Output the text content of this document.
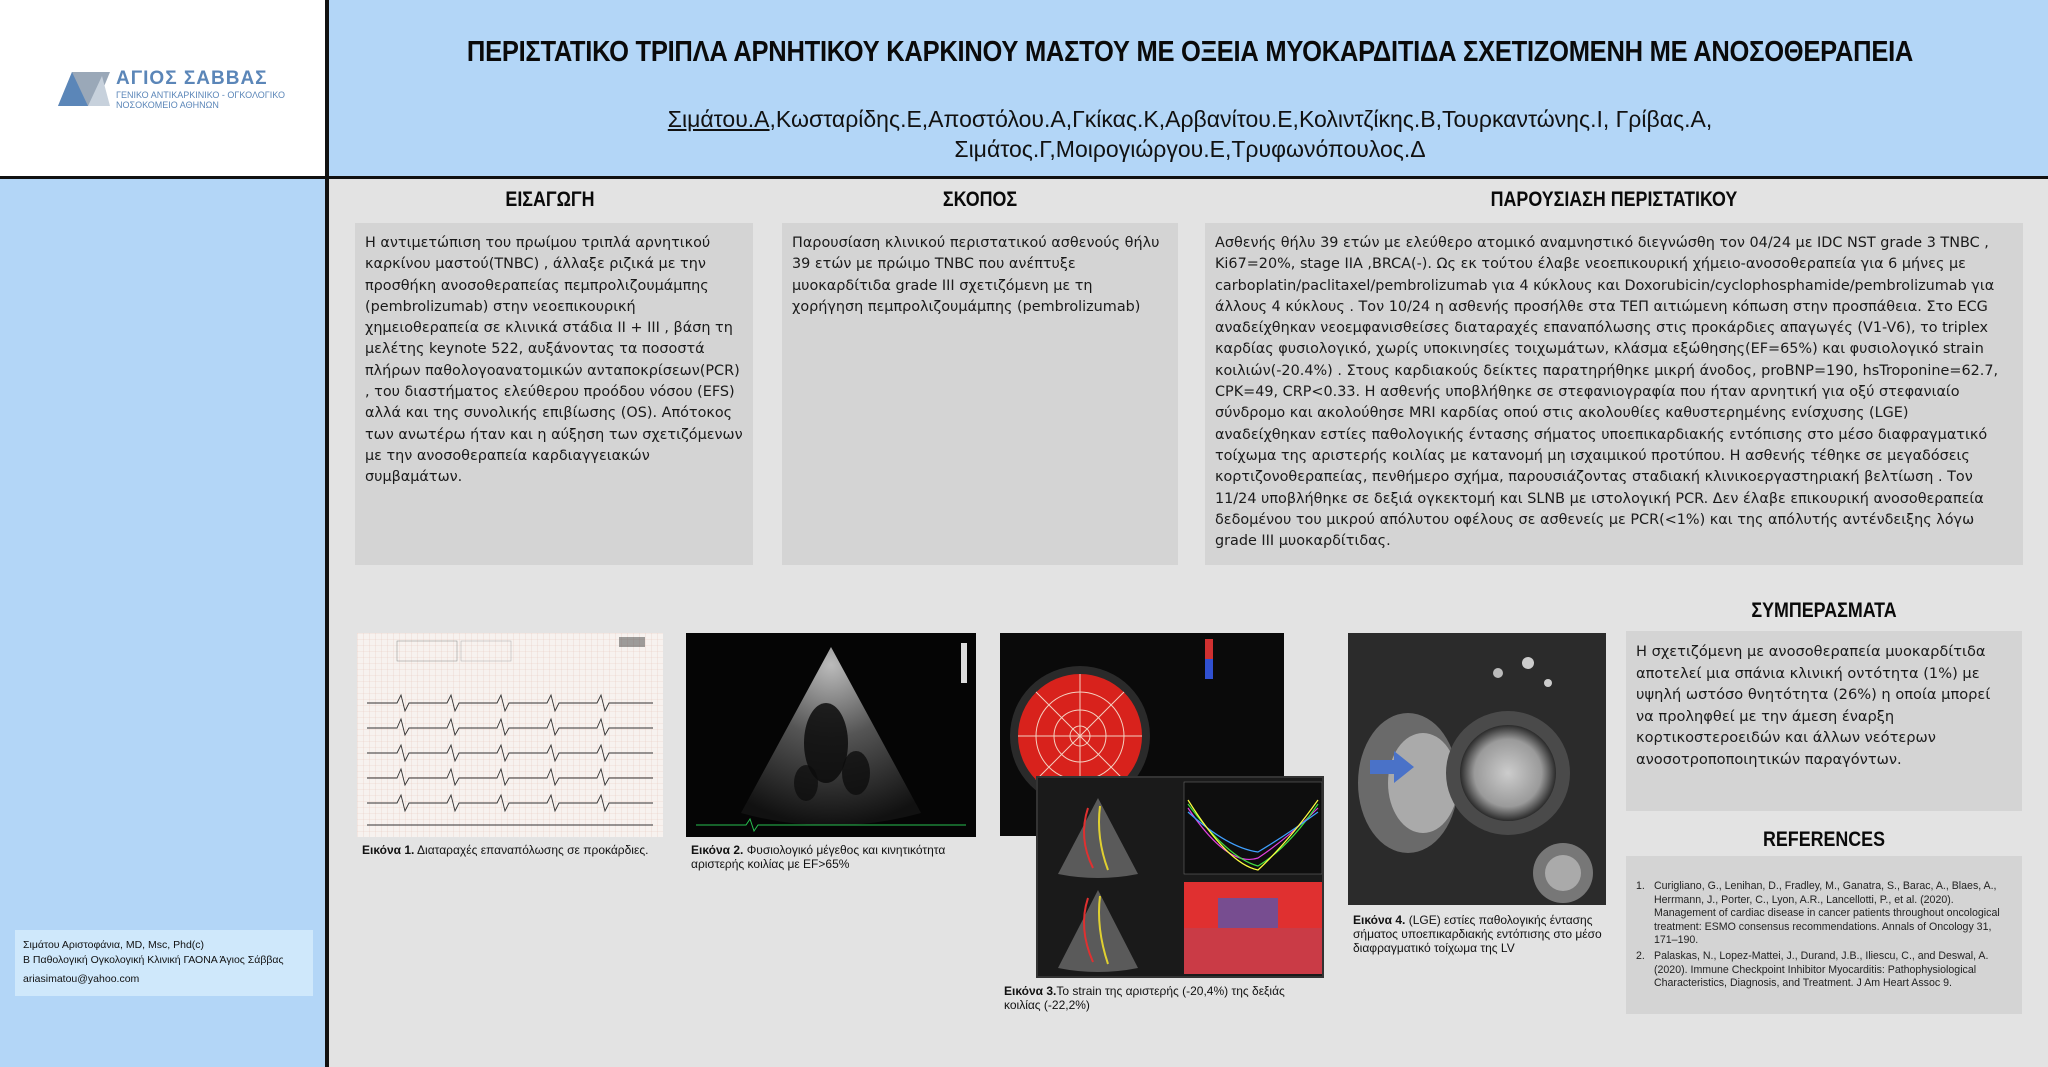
ΑΓΙΟΣ ΣΑΒΒΑΣ
ΓΕΝΙΚΟ ΑΝΤΙΚΑΡΚΙΝΙΚΟ - ΟΓΚΟΛΟΓΙΚΟ
ΝΟΣΟΚΟΜΕΙΟ ΑΘΗΝΩΝ
ΠΕΡΙΣΤΑΤΙΚΟ ΤΡΙΠΛΑ ΑΡΝΗΤΙΚΟΥ ΚΑΡΚΙΝΟΥ ΜΑΣΤΟΥ ΜΕ ΟΞΕΙΑ ΜΥΟΚΑΡΔΙΤΙΔΑ ΣΧΕΤΙΖΟΜΕΝΗ ΜΕ ΑΝΟΣΟΘΕΡΑΠΕΙΑ
Σιμάτου.Α,Κωσταρίδης.Ε,Αποστόλου.Α,Γκίκας.Κ,Αρβανίτου.Ε,Κολιντζίκης.Β,Τουρκαντώνης.Ι, Γρίβας.Α,
Σιμάτος.Γ,Μοιρογιώργου.Ε,Τρυφωνόπουλος.Δ
ΕΙΣΑΓΩΓΗ	ΣΚΟΠΟΣ	ΠΑΡΟΥΣΙΑΣΗ ΠΕΡΙΣΤΑΤΙΚΟΥ
ΣΥΜΠΕΡΑΣΜΑΤΑ
REFERENCES

Η αντιμετώπιση του πρωίμου τριπλά αρνητικού καρκίνου μαστού(TNBC) , άλλαξε ριζικά με την προσθήκη ανοσοθεραπείας πεμπρολιζουμάμπης (pembrolizumab) στην νεοεπικουρική χημειοθεραπεία σε κλινικά στάδια II + III , βάση τη μελέτης keynote 522, αυξάνοντας τα ποσοστά πλήρων παθολογοανατομικών ανταποκρίσεων(PCR) , του διαστήματος ελεύθερου προόδου νόσου (EFS) αλλά και της συνολικής επιβίωσης (OS). Απότοκος των ανωτέρω ήταν και η αύξηση των σχετιζόμενων με την ανοσοθεραπεία καρδιαγγειακών συμβαμάτων.

Παρουσίαση κλινικού περιστατικού ασθενούς θήλυ 39 ετών με πρώιμο TNBC που ανέπτυξε μυοκαρδίτιδα grade III σχετιζόμενη με τη χορήγηση πεμπρολιζουμάμπης (pembrolizumab)

Ασθενής θήλυ 39 ετών με ελεύθερο ατομικό αναμνηστικό διεγνώσθη τον 04/24 με IDC NST grade 3 TNBC , Ki67=20%, stage IIA ,BRCA(-). Ως εκ τούτου έλαβε νεοεπικουρική χήμειο-ανοσοθεραπεία για 6 μήνες με carboplatin/paclitaxel/pembrolizumab για 4 κύκλους και Doxorubicin/cyclophosphamide/pembrolizumab για άλλους 4 κύκλους . Τον 10/24 η ασθενής προσήλθε στα ΤΕΠ αιτιώμενη κόπωση στην προσπάθεια. Στο ECG αναδείχθηκαν νεοεμφανισθείσες διαταραχές επαναπόλωσης στις προκάρδιες απαγωγές (V1-V6), το triplex καρδίας φυσιολογικό, χωρίς υποκινησίες τοιχωμάτων, κλάσμα εξώθησης(EF=65%) και φυσιολογικό strain κοιλιών(-20.4%) . Στους καρδιακούς δείκτες παρατηρήθηκε μικρή άνοδος, proBNP=190, hsTroponine=62.7, CPK=49, CRP<0.33. Η ασθενής υποβλήθηκε σε στεφανιογραφία που ήταν αρνητική για οξύ στεφανιαίο σύνδρομο και ακολούθησε MRI καρδίας οπού στις ακολουθίες καθυστερημένης ενίσχυσης (LGE) αναδείχθηκαν εστίες παθολογικής έντασης σήματος υποεπικαρδιακής εντόπισης στο μέσο διαφραγματικό τοίχωμα της αριστερής κοιλίας με κατανομή μη ισχαιμικού προτύπου. Η ασθενής τέθηκε σε μεγαδόσεις κορτιζονοθεραπείας, πενθήμερο σχήμα, παρουσιάζοντας σταδιακή κλινικοεργαστηριακή βελτίωση . Τον 11/24 υποβλήθηκε σε δεξιά ογκεκτομή και SLNB με ιστολογική PCR. Δεν έλαβε επικουρική ανοσοθεραπεία δεδομένου του μικρού απόλυτου οφέλους σε ασθενείς με PCR(<1%) και της απόλυτής αντένδειξης λόγω grade III μυοκαρδίτιδας.

Η σχετιζόμενη με ανοσοθεραπεία μυοκαρδίτιδα αποτελεί μια σπάνια κλινική οντότητα (1%) με υψηλή ωστόσο θνητότητα (26%) η οποία μπορεί να προληφθεί με την άμεση έναρξη κορτικοστεροειδών και άλλων νεότερων ανοσοτροποποιητικών παραγόντων.

1. Curigliano, G., Lenihan, D., Fradley, M., Ganatra, S., Barac, A., Blaes, A., Herrmann, J., Porter, C., Lyon, A.R., Lancellotti, P., et al. (2020). Management of cardiac disease in cancer patients throughout oncological treatment: ESMO consensus recommendations. Annals of Oncology 31, 171–190.
2. Palaskas, N., Lopez-Mattei, J., Durand, J.B., Iliescu, C., and Deswal, A. (2020). Immune Checkpoint Inhibitor Myocarditis: Pathophysiological Characteristics, Diagnosis, and Treatment. J Am Heart Assoc 9.
Εικόνα 1. Διαταραχές επαναπόλωσης σε προκάρδιες.	Εικόνα 2. Φυσιολογικό μέγεθος και κινητικότητα αριστερής κοιλίας με EF>65%
Εικόνα 3.Το strain της αριστερής (-20,4%) της δεξιάς κοιλίας (-22,2%)
Εικόνα 4. (LGE) εστίες παθολογικής έντασης σήματος υποεπικαρδιακής εντόπισης στο μέσο διαφραγματικό τοίχωμα της LV
Σιμάτου Αριστοφάνια, MD, Msc, Phd(c)
Β Παθολογική Ογκολογική Κλινική ΓΑΟΝΑ Άγιος Σάββας
ariasimatou@yahoo.com
